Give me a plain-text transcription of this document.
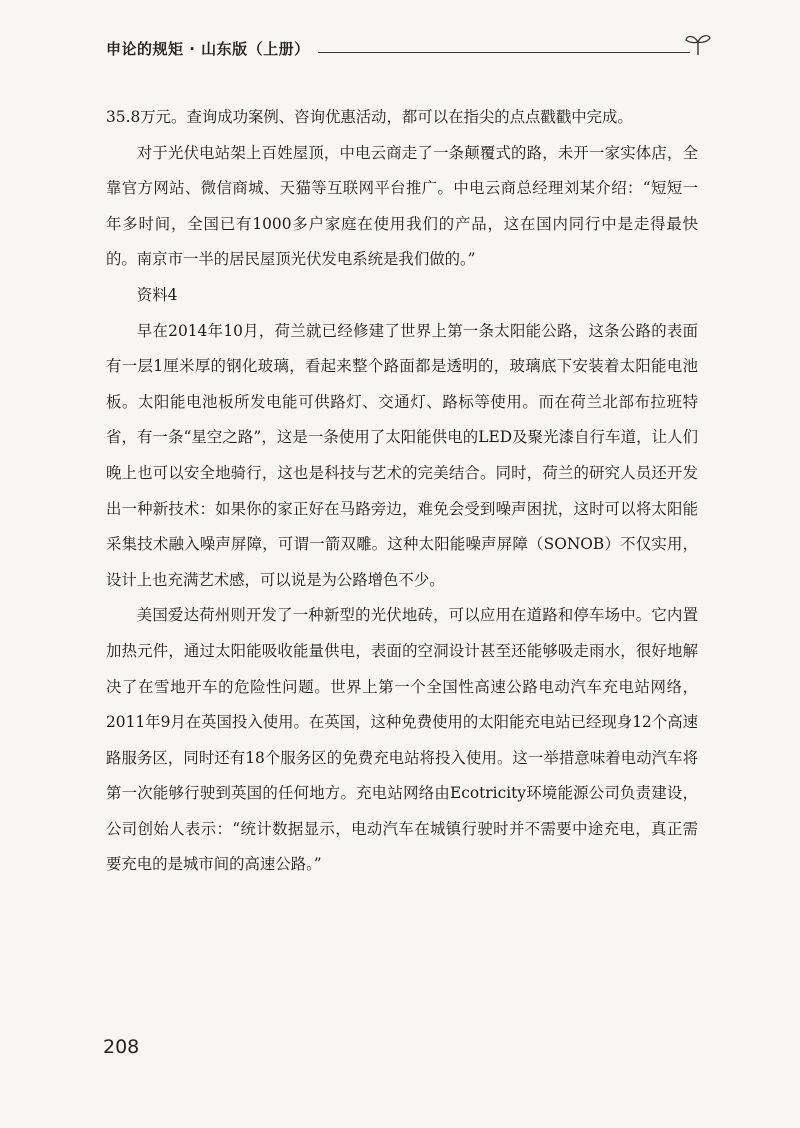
申论的规矩 · 山东版（上册）

35.8万元。查询成功案例、咨询优惠活动，都可以在指尖的点点戳戳中完成。

对于光伏电站架上百姓屋顶，中电云商走了一条颠覆式的路，未开一家实体店，全靠官方网站、微信商城、天猫等互联网平台推广。中电云商总经理刘某介绍：“短短一年多时间，全国已有1000多户家庭在使用我们的产品，这在国内同行中是走得最快的。南京市一半的居民屋顶光伏发电系统是我们做的。”

资料4

早在2014年10月，荷兰就已经修建了世界上第一条太阳能公路，这条公路的表面有一层1厘米厚的钢化玻璃，看起来整个路面都是透明的，玻璃底下安装着太阳能电池板。太阳能电池板所发电能可供路灯、交通灯、路标等使用。而在荷兰北部布拉班特省，有一条“星空之路”，这是一条使用了太阳能供电的LED及聚光漆自行车道，让人们晚上也可以安全地骑行，这也是科技与艺术的完美结合。同时，荷兰的研究人员还开发出一种新技术：如果你的家正好在马路旁边，难免会受到噪声困扰，这时可以将太阳能采集技术融入噪声屏障，可谓一箭双雕。这种太阳能噪声屏障（SONOB）不仅实用，设计上也充满艺术感，可以说是为公路增色不少。

美国爱达荷州则开发了一种新型的光伏地砖，可以应用在道路和停车场中。它内置加热元件，通过太阳能吸收能量供电，表面的空洞设计甚至还能够吸走雨水，很好地解决了在雪地开车的危险性问题。世界上第一个全国性高速公路电动汽车充电站网络，2011年9月在英国投入使用。在英国，这种免费使用的太阳能充电站已经现身12个高速路服务区，同时还有18个服务区的免费充电站将投入使用。这一举措意味着电动汽车将第一次能够行驶到英国的任何地方。充电站网络由Ecotricity环境能源公司负责建设，公司创始人表示：“统计数据显示，电动汽车在城镇行驶时并不需要中途充电，真正需要充电的是城市间的高速公路。”

208
